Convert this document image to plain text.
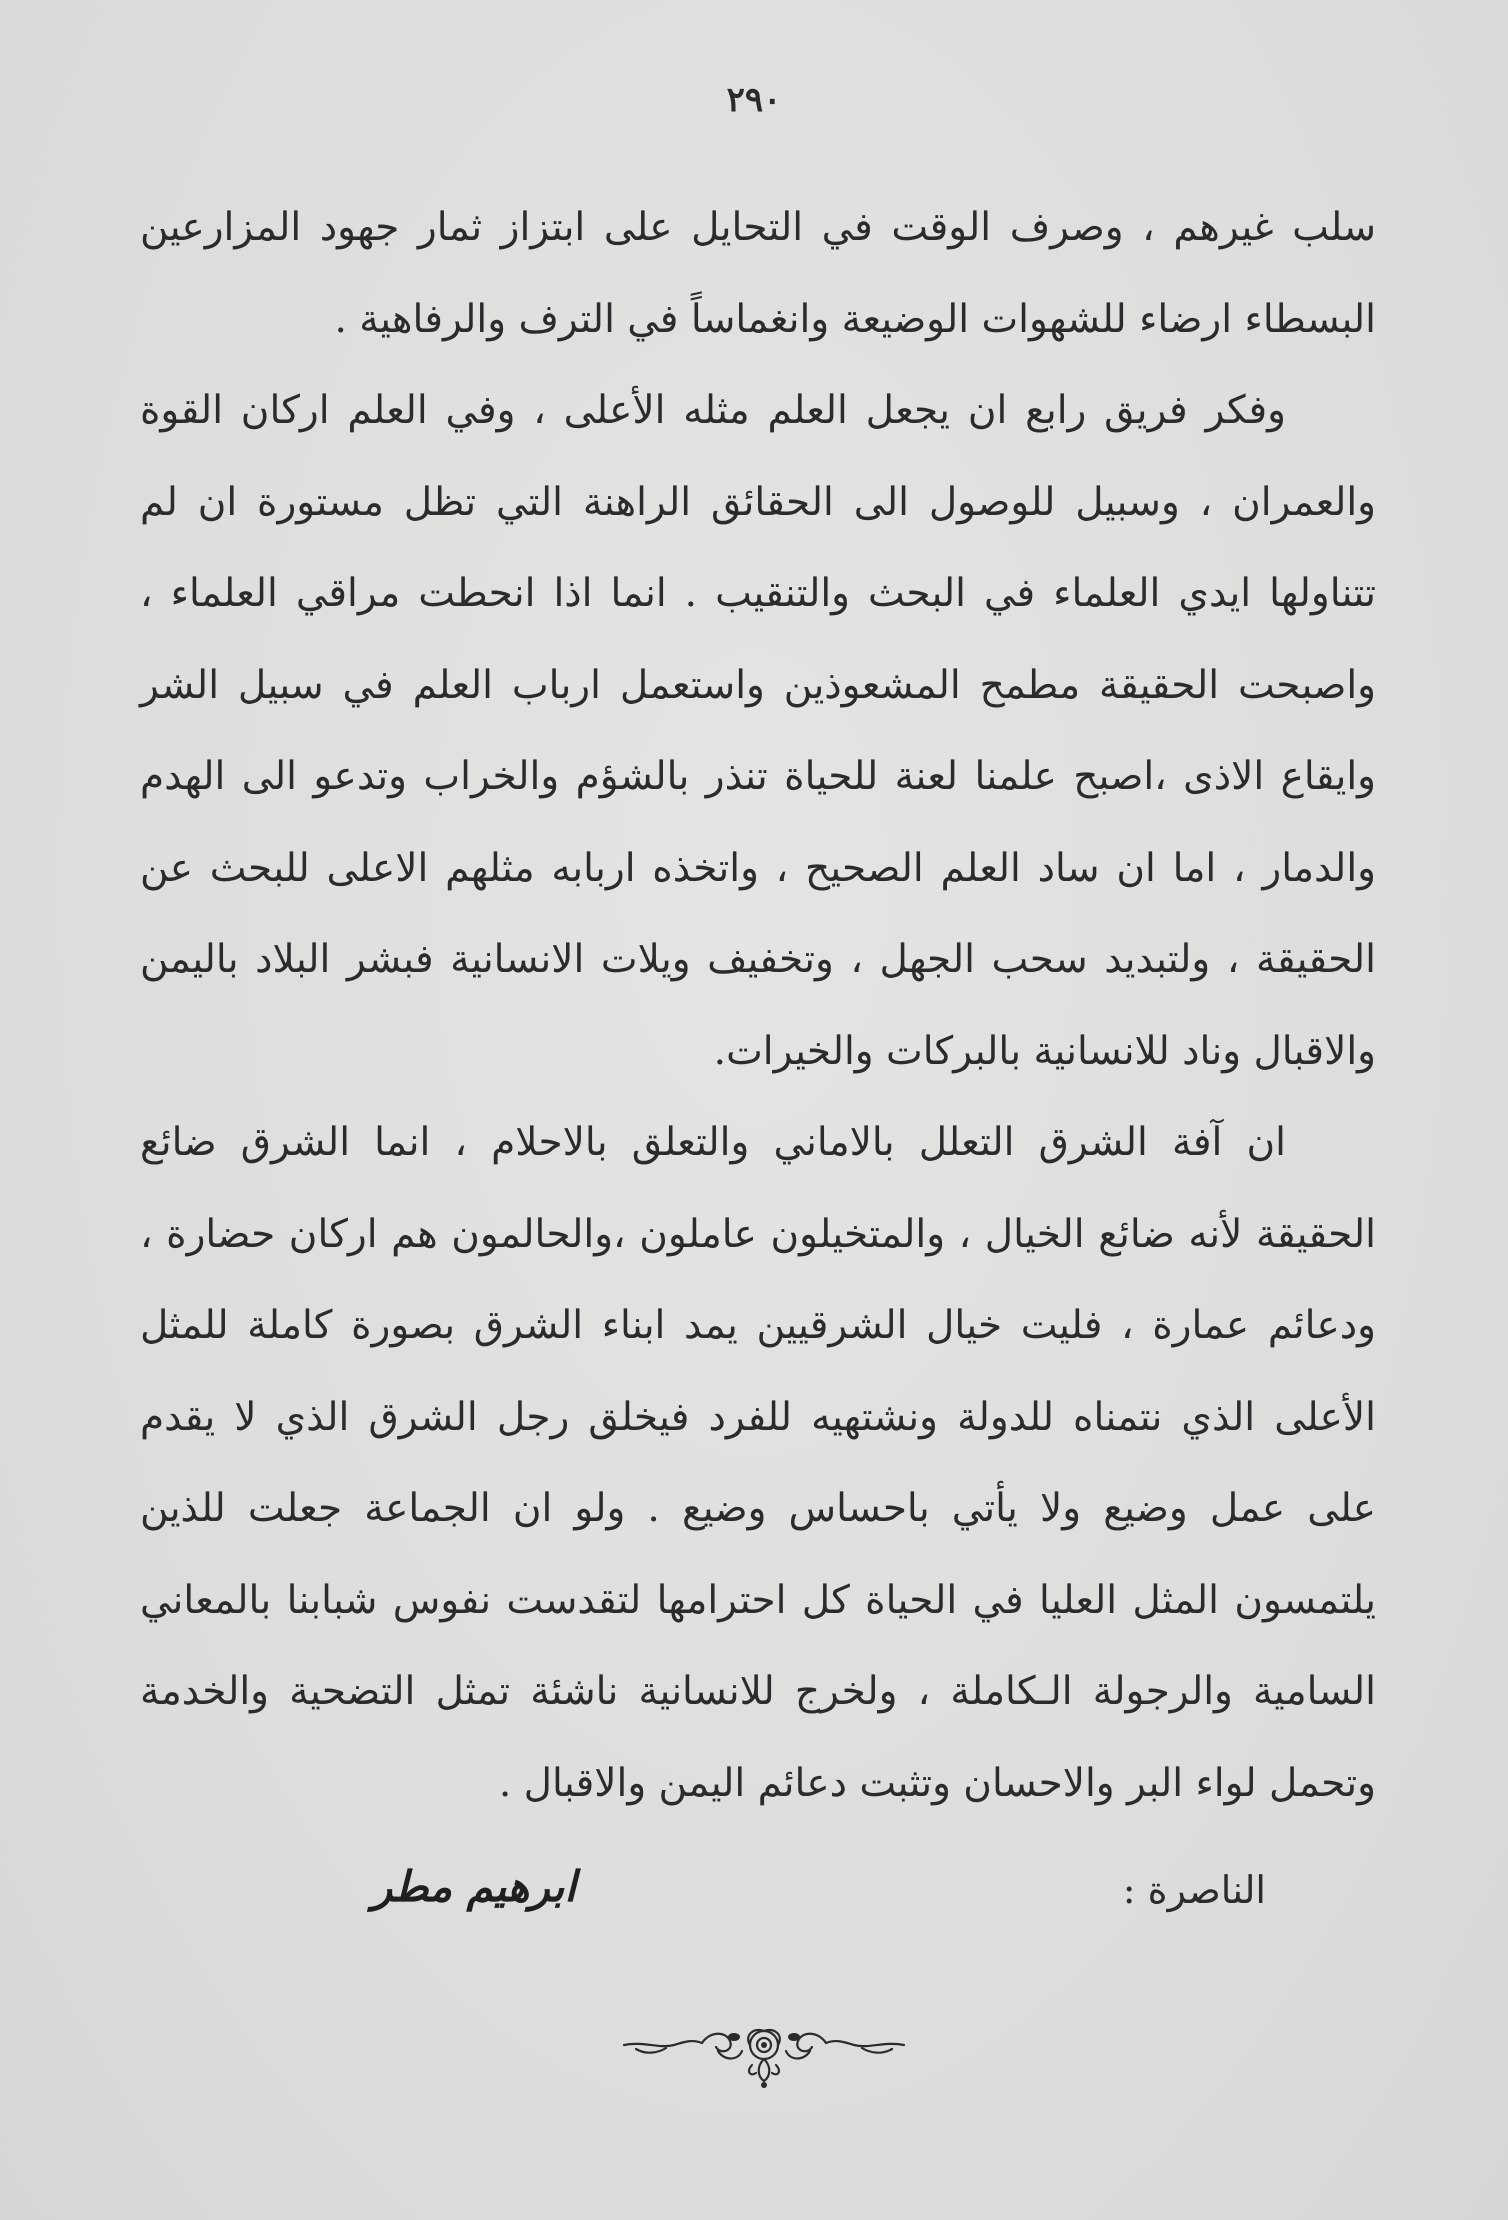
٢٩٠

سلب غيرهم ، وصرف الوقت في التحايل على ابتزاز ثمار جهود المزارعين البسطاء ارضاء للشهوات الوضيعة وانغماساً في الترف والرفاهية .

وفكر فريق رابع ان يجعل العلم مثله الأعلى ، وفي العلم اركان القوة والعمران ، وسبيل للوصول الى الحقائق الراهنة التي تظل مستورة ان لم تتناولها ايدي العلماء في البحث والتنقيب . انما اذا انحطت مراقي العلماء ، واصبحت الحقيقة مطمح المشعوذين واستعمل ارباب العلم في سبيل الشر وايقاع الاذى ،اصبح علمنا لعنة للحياة تنذر بالشؤم والخراب وتدعو الى الهدم والدمار ، اما ان ساد العلم الصحيح ، واتخذه اربابه مثلهم الاعلى للبحث عن الحقيقة ، ولتبديد سحب الجهل ، وتخفيف ويلات الانسانية فبشر البلاد باليمن والاقبال وناد للانسانية بالبركات والخيرات.

ان آفة الشرق التعلل بالاماني والتعلق بالاحلام ، انما الشرق ضائع الحقيقة لأنه ضائع الخيال ، والمتخيلون عاملون ،والحالمون هم اركان حضارة ، ودعائم عمارة ، فليت خيال الشرقيين يمد ابناء الشرق بصورة كاملة للمثل الأعلى الذي نتمناه للدولة ونشتهيه للفرد فيخلق رجل الشرق الذي لا يقدم على عمل وضيع ولا يأتي باحساس وضيع . ولو ان الجماعة جعلت للذين يلتمسون المثل العليا في الحياة كل احترامها لتقدست نفوس شبابنا بالمعاني السامية والرجولة الـكاملة ، ولخرج للانسانية ناشئة تمثل التضحية والخدمة وتحمل لواء البر والاحسان وتثبت دعائم اليمن والاقبال .

الناصرة :
ابرهيم مطر
